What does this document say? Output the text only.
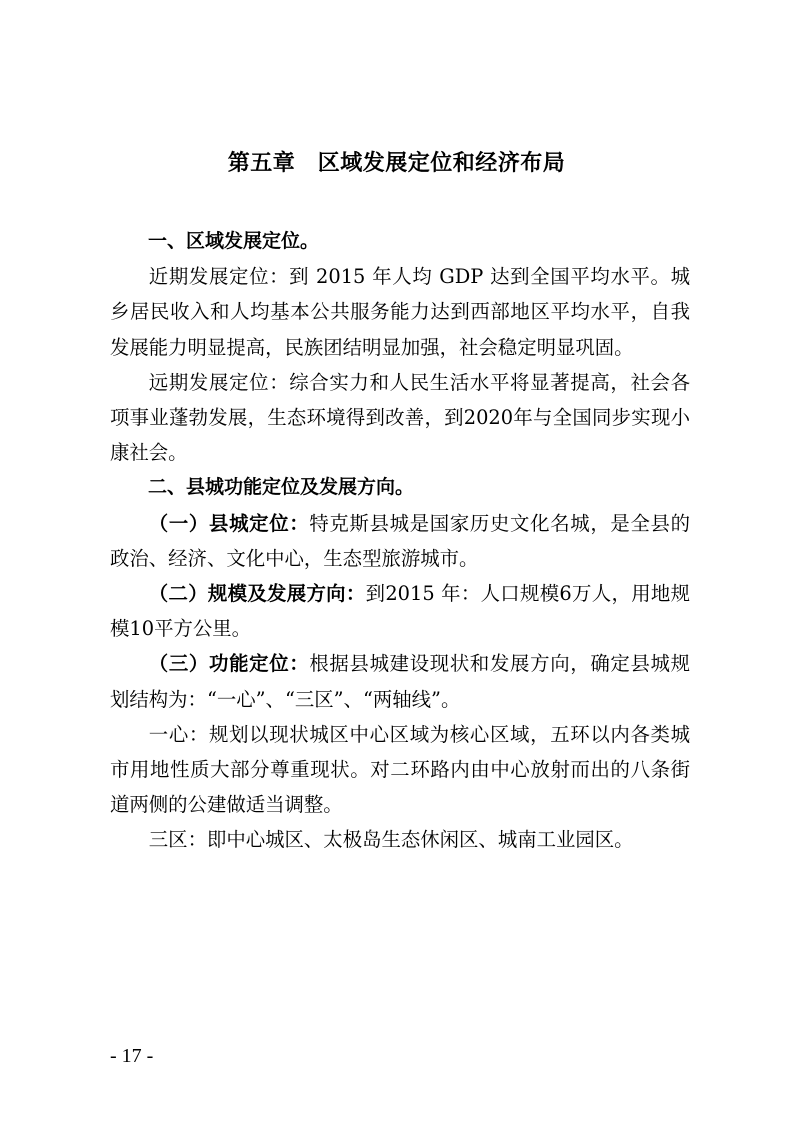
第五章　区域发展定位和经济布局

一、区域发展定位。

近期发展定位：到 2015 年人均 GDP 达到全国平均水平。城乡居民收入和人均基本公共服务能力达到西部地区平均水平，自我发展能力明显提高，民族团结明显加强，社会稳定明显巩固。

远期发展定位：综合实力和人民生活水平将显著提高，社会各项事业蓬勃发展，生态环境得到改善，到2020年与全国同步实现小康社会。

二、县城功能定位及发展方向。

（一）县城定位：特克斯县城是国家历史文化名城，是全县的政治、经济、文化中心，生态型旅游城市。

（二）规模及发展方向：到2015 年：人口规模6万人，用地规模10平方公里。

（三）功能定位：根据县城建设现状和发展方向，确定县城规划结构为：“一心”、“三区”、“两轴线”。

一心：规划以现状城区中心区域为核心区域，五环以内各类城市用地性质大部分尊重现状。对二环路内由中心放射而出的八条街道两侧的公建做适当调整。

三区：即中心城区、太极岛生态休闲区、城南工业园区。

- 17 -
